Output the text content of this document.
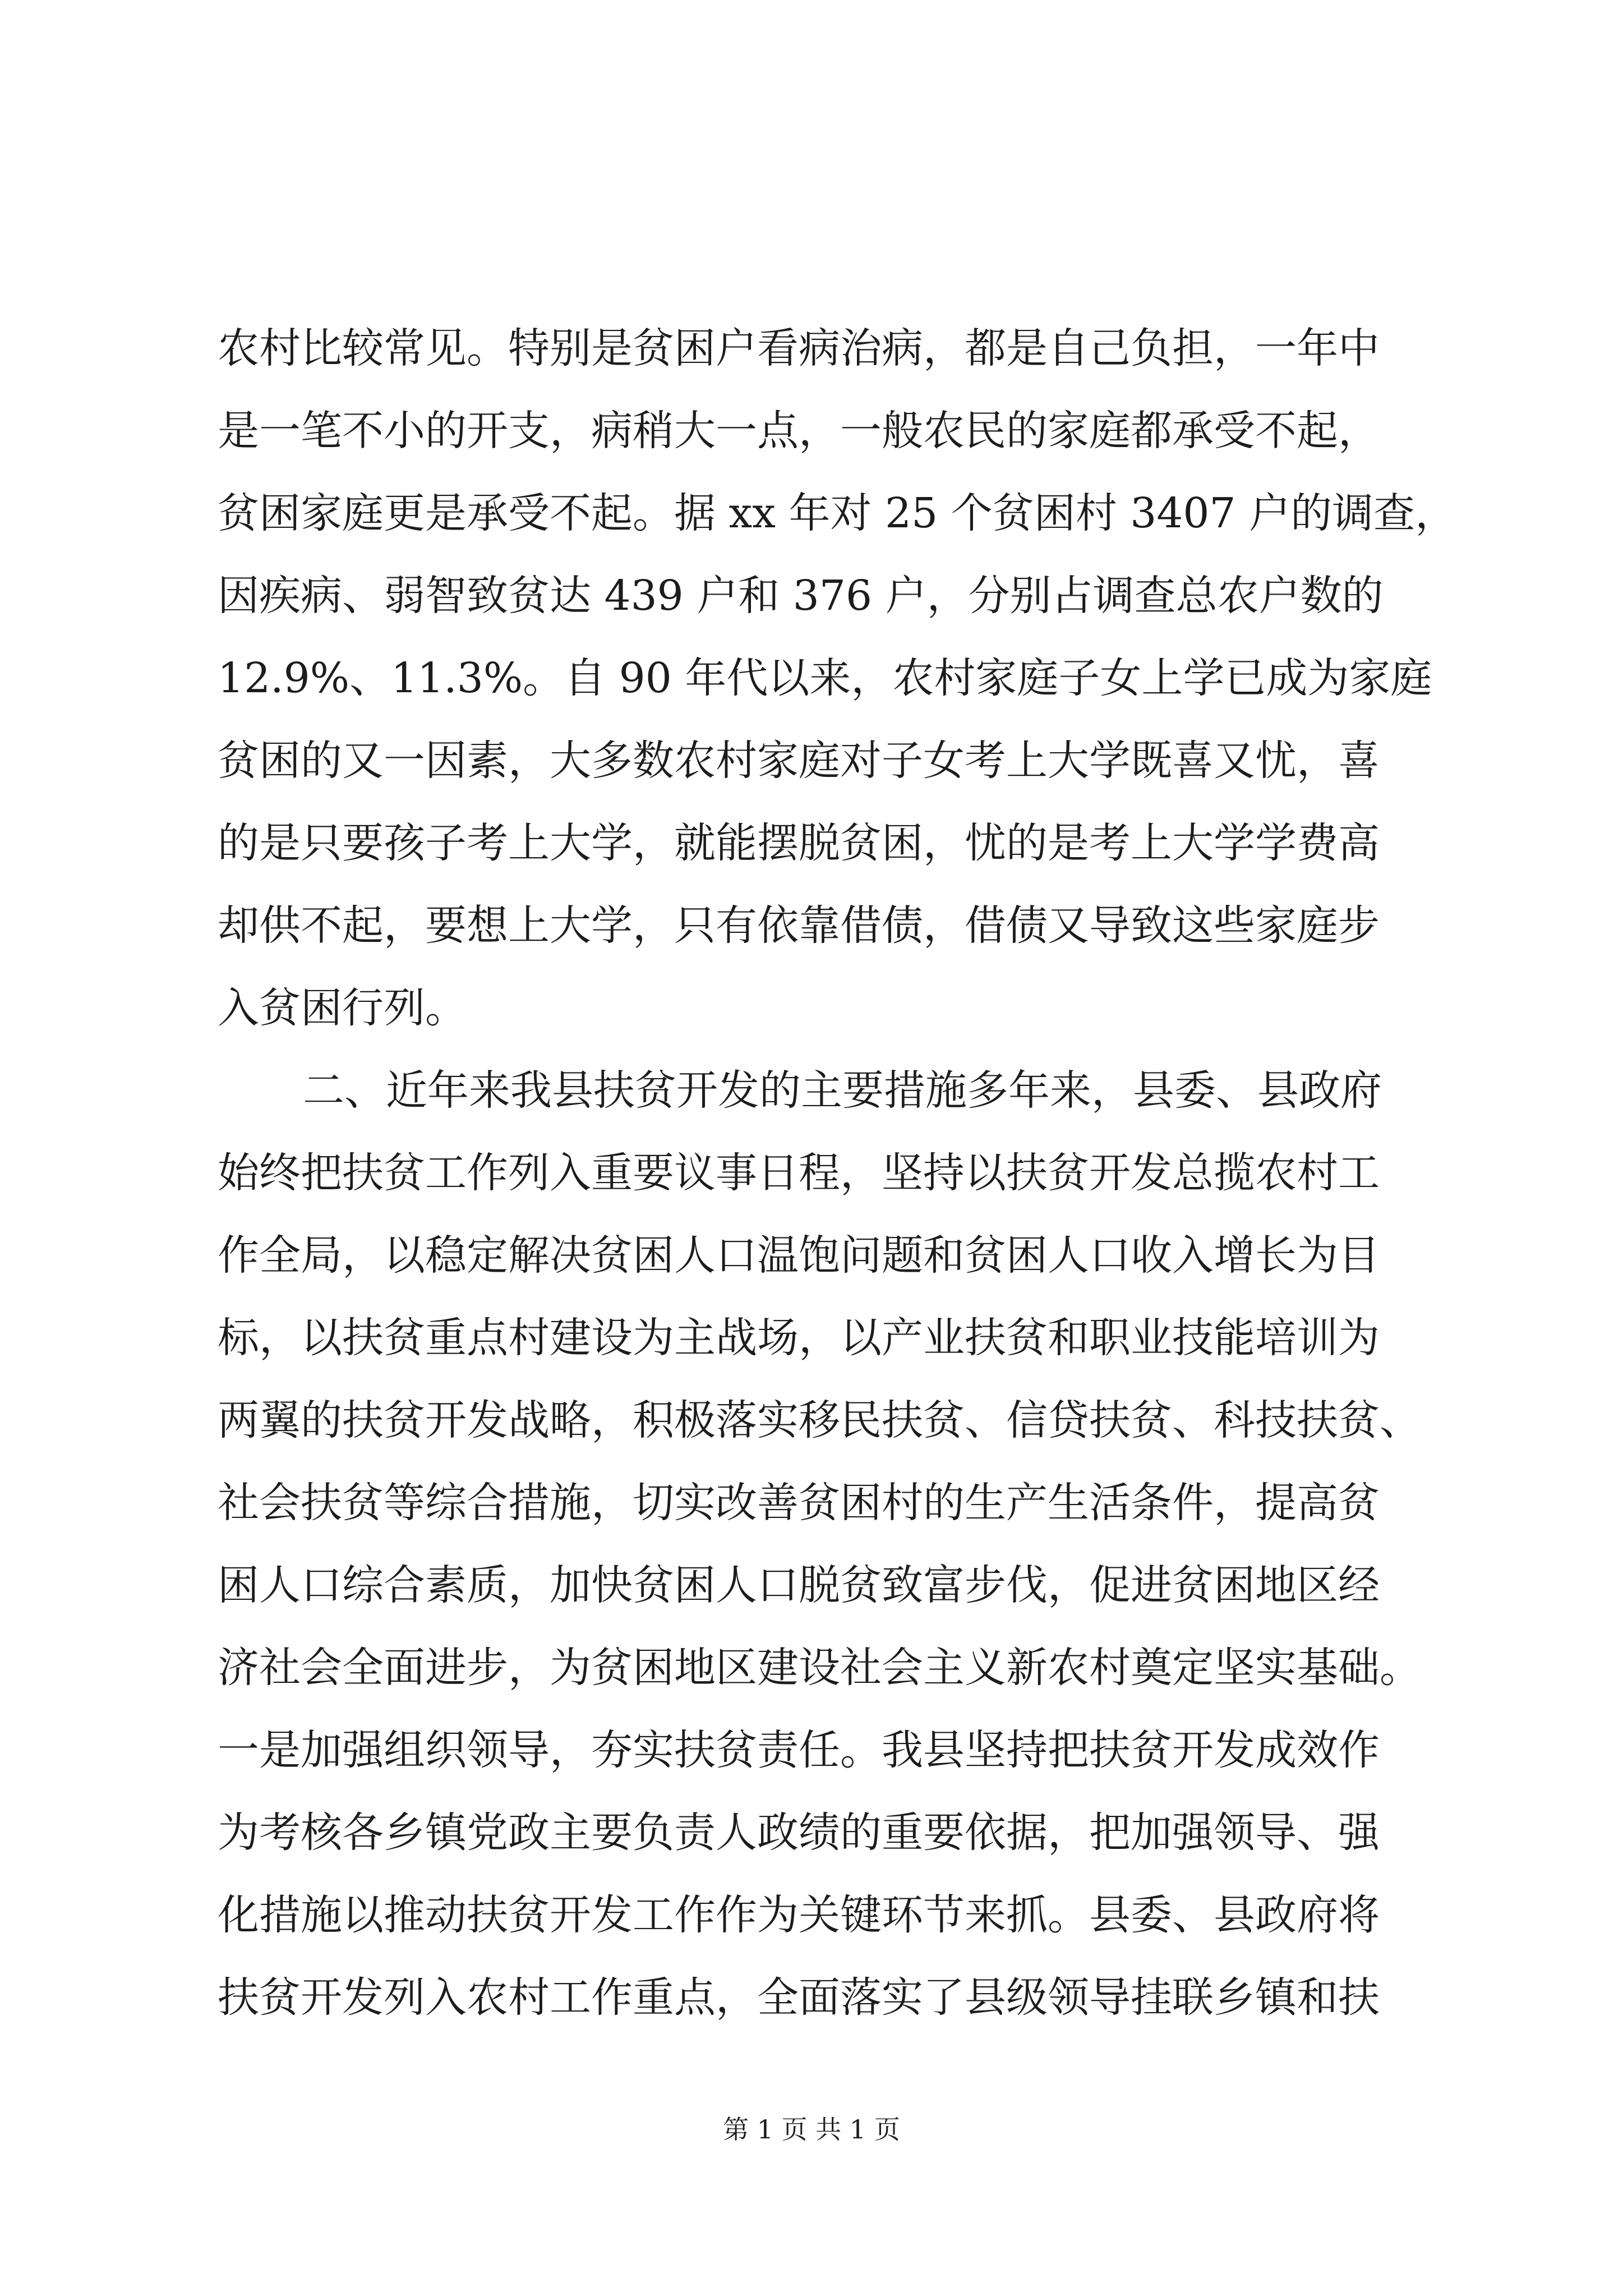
农村比较常见。特别是贫困户看病治病，都是自己负担，一年中
是一笔不小的开支，病稍大一点，一般农民的家庭都承受不起，
贫困家庭更是承受不起。据 xx 年对 25 个贫困村 3407 户的调查，
因疾病、弱智致贫达 439 户和 376 户，分别占调查总农户数的
12.9%、11.3%。自 90 年代以来，农村家庭子女上学已成为家庭
贫困的又一因素，大多数农村家庭对子女考上大学既喜又忧，喜
的是只要孩子考上大学，就能摆脱贫困，忧的是考上大学学费高
却供不起，要想上大学，只有依靠借债，借债又导致这些家庭步
入贫困行列。
二、近年来我县扶贫开发的主要措施多年来，县委、县政府
始终把扶贫工作列入重要议事日程，坚持以扶贫开发总揽农村工
作全局，以稳定解决贫困人口温饱问题和贫困人口收入增长为目
标，以扶贫重点村建设为主战场，以产业扶贫和职业技能培训为
两翼的扶贫开发战略，积极落实移民扶贫、信贷扶贫、科技扶贫、
社会扶贫等综合措施，切实改善贫困村的生产生活条件，提高贫
困人口综合素质，加快贫困人口脱贫致富步伐，促进贫困地区经
济社会全面进步，为贫困地区建设社会主义新农村奠定坚实基础。
一是加强组织领导，夯实扶贫责任。我县坚持把扶贫开发成效作
为考核各乡镇党政主要负责人政绩的重要依据，把加强领导、强
化措施以推动扶贫开发工作作为关键环节来抓。县委、县政府将
扶贫开发列入农村工作重点，全面落实了县级领导挂联乡镇和扶
第 1 页 共 1 页
